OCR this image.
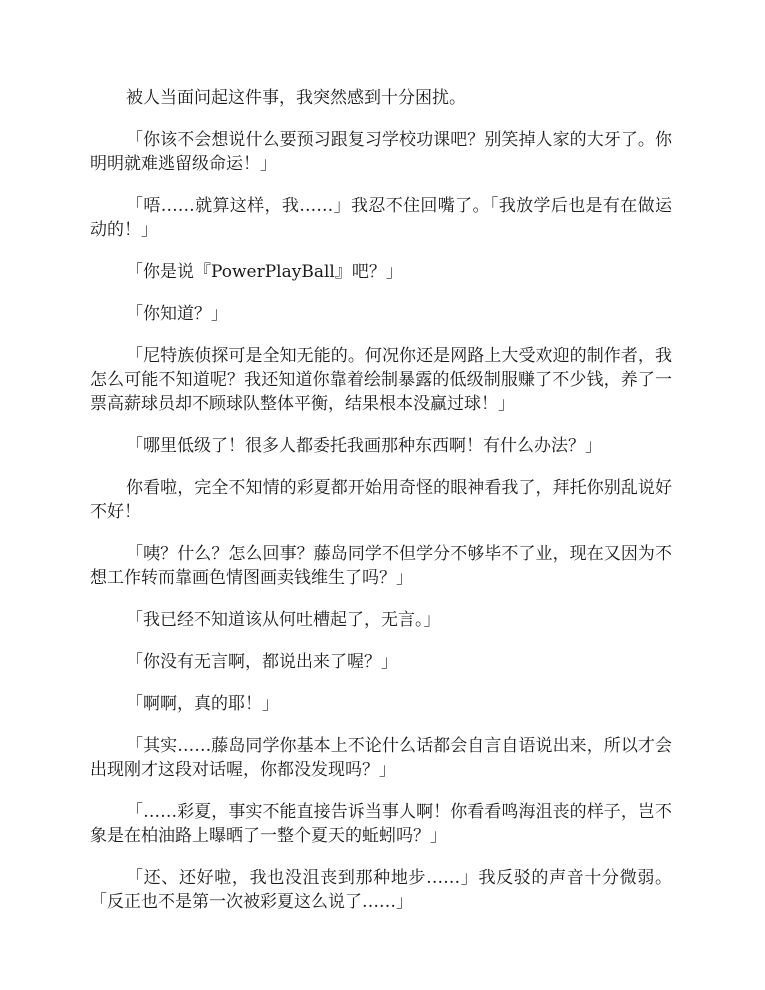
被人当面问起这件事，我突然感到十分困扰。

「你该不会想说什么要预习跟复习学校功课吧？别笑掉人家的大牙了。你明明就难逃留级命运！」

「唔……就算这样，我……」我忍不住回嘴了。「我放学后也是有在做运动的！」

「你是说『PowerPlayBall』吧？」

「你知道？」

「尼特族侦探可是全知无能的。何况你还是网路上大受欢迎的制作者，我怎么可能不知道呢？我还知道你靠着绘制暴露的低级制服赚了不少钱，养了一票高薪球员却不顾球队整体平衡，结果根本没赢过球！」

「哪里低级了！很多人都委托我画那种东西啊！有什么办法？」

你看啦，完全不知情的彩夏都开始用奇怪的眼神看我了，拜托你别乱说好不好！

「咦？什么？怎么回事？藤岛同学不但学分不够毕不了业，现在又因为不想工作转而靠画色情图画卖钱维生了吗？」

「我已经不知道该从何吐槽起了，无言。」

「你没有无言啊，都说出来了喔？」

「啊啊，真的耶！」

「其实……藤岛同学你基本上不论什么话都会自言自语说出来，所以才会出现刚才这段对话喔，你都没发现吗？」

「……彩夏，事实不能直接告诉当事人啊！你看看鸣海沮丧的样子，岂不象是在柏油路上曝晒了一整个夏天的蚯蚓吗？」

「还、还好啦，我也没沮丧到那种地步……」我反驳的声音十分微弱。「反正也不是第一次被彩夏这么说了……」
